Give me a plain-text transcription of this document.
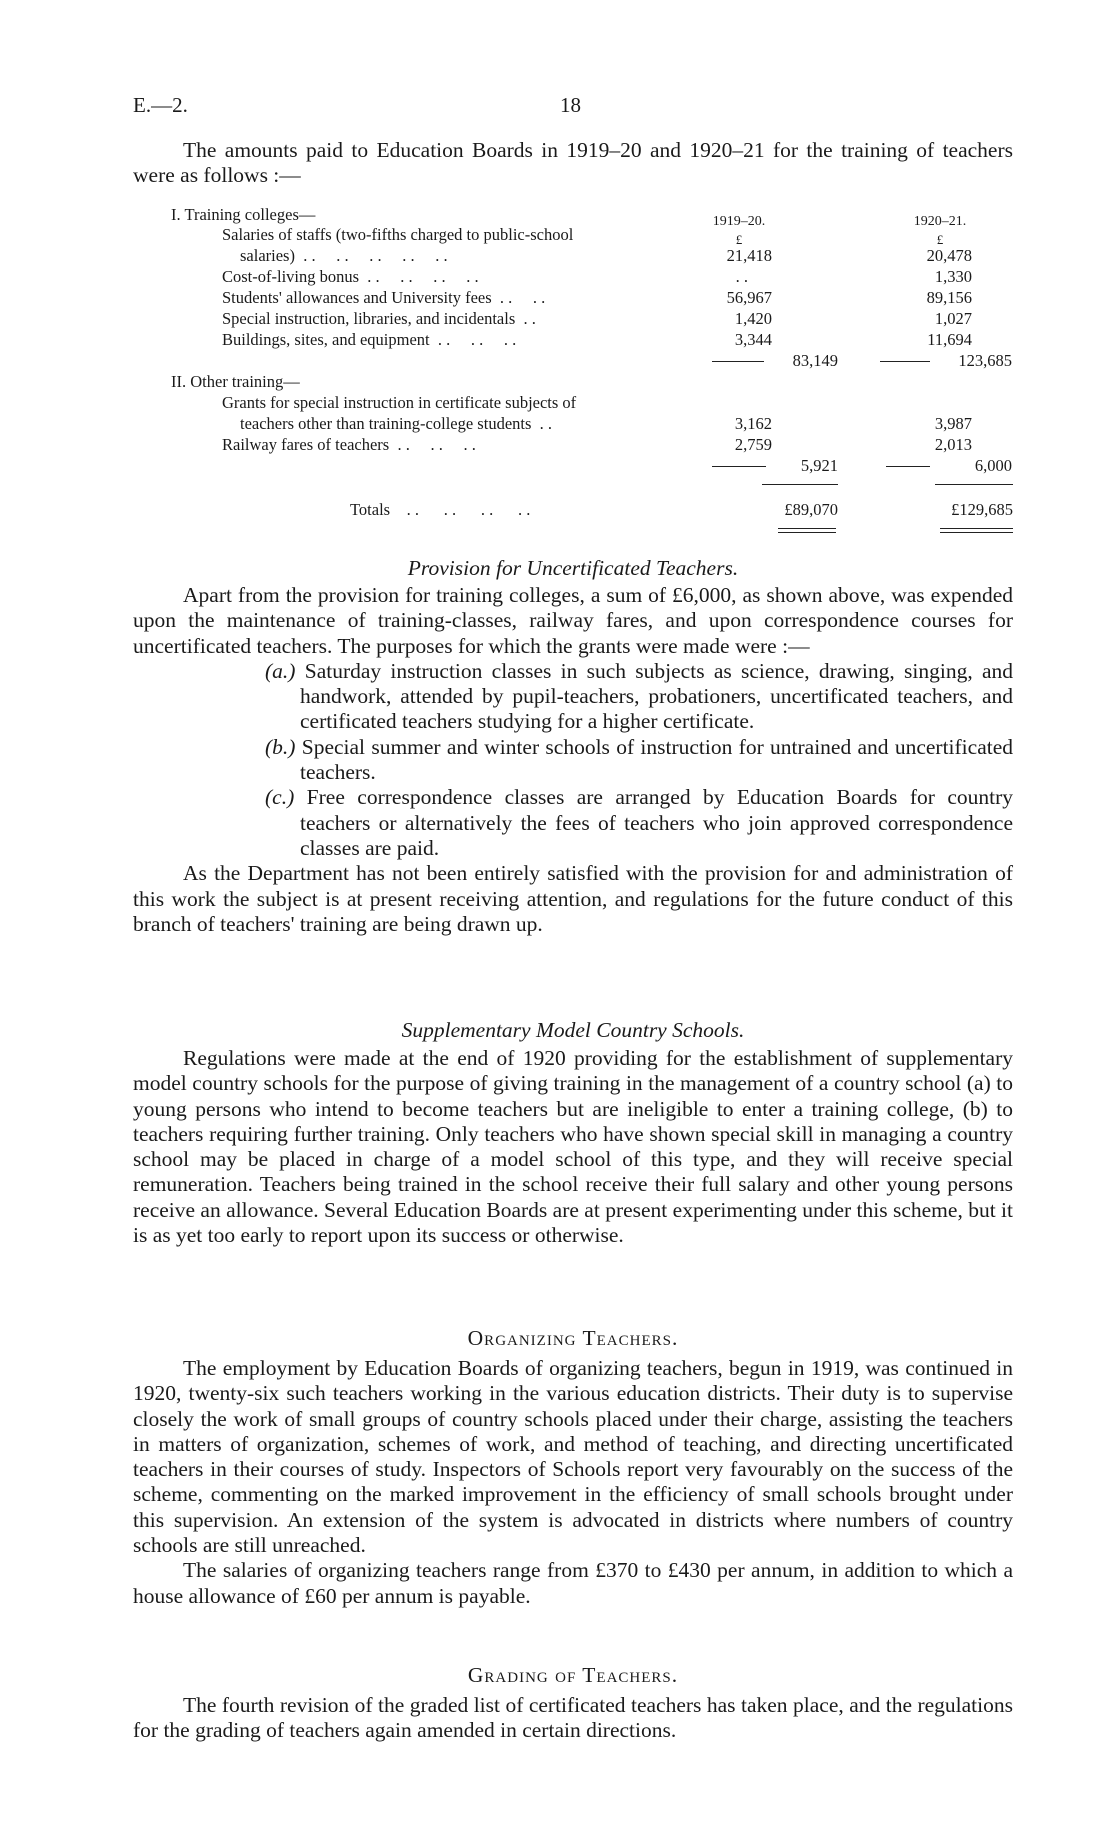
E.—2.	18

The amounts paid to Education Boards in 1919–20 and 1920–21 for the training of teachers were as follows :—

I. Training colleges—	1919–20.	1920–21.
£	£
Salaries of staffs (two-fifths charged to public-school
salaries)  . .     . .     . .     . .     . .	21,418	20,478
Cost-of-living bonus  . .     . .     . .     . .	. .	1,330
Students' allowances and University fees  . .     . .	56,967	89,156
Special instruction, libraries, and incidentals  . .	1,420	1,027
Buildings, sites, and equipment  . .     . .     . .	3,344	11,694
83,149	123,685
II. Other training—
Grants for special instruction in certificate subjects of
teachers other than training-college students  . .	3,162	3,987
Railway fares of teachers  . .     . .     . .	2,759	2,013
5,921	6,000
Totals . .      . .      . .      . .	£89,070	£129,685
Provision for Uncertificated Teachers.

Apart from the provision for training colleges, a sum of £6,000, as shown above, was expended upon the maintenance of training-classes, railway fares, and upon correspondence courses for uncertificated teachers. The purposes for which the grants were made were :—

(a.) Saturday instruction classes in such subjects as science, drawing, singing, and handwork, attended by pupil-teachers, probationers, uncertificated teachers, and certificated teachers studying for a higher certificate.

(b.) Special summer and winter schools of instruction for untrained and uncertificated teachers.

(c.) Free correspondence classes are arranged by Education Boards for country teachers or alternatively the fees of teachers who join approved correspondence classes are paid.

As the Department has not been entirely satisfied with the provision for and administration of this work the subject is at present receiving attention, and regulations for the future conduct of this branch of teachers' training are being drawn up.

Supplementary Model Country Schools.

Regulations were made at the end of 1920 providing for the establishment of supplementary model country schools for the purpose of giving training in the management of a country school (a) to young persons who intend to become teachers but are ineligible to enter a training college, (b) to teachers requiring further training. Only teachers who have shown special skill in managing a country school may be placed in charge of a model school of this type, and they will receive special remuneration. Teachers being trained in the school receive their full salary and other young persons receive an allowance. Several Education Boards are at present experimenting under this scheme, but it is as yet too early to report upon its success or otherwise.

Organizing Teachers.

The employment by Education Boards of organizing teachers, begun in 1919, was continued in 1920, twenty-six such teachers working in the various education districts. Their duty is to supervise closely the work of small groups of country schools placed under their charge, assisting the teachers in matters of organization, schemes of work, and method of teaching, and directing uncertificated teachers in their courses of study. Inspectors of Schools report very favourably on the success of the scheme, commenting on the marked improvement in the efficiency of small schools brought under this supervision. An extension of the system is advocated in districts where numbers of country schools are still unreached.

The salaries of organizing teachers range from £370 to £430 per annum, in addition to which a house allowance of £60 per annum is payable.

Grading of Teachers.

The fourth revision of the graded list of certificated teachers has taken place, and the regulations for the grading of teachers again amended in certain directions.
